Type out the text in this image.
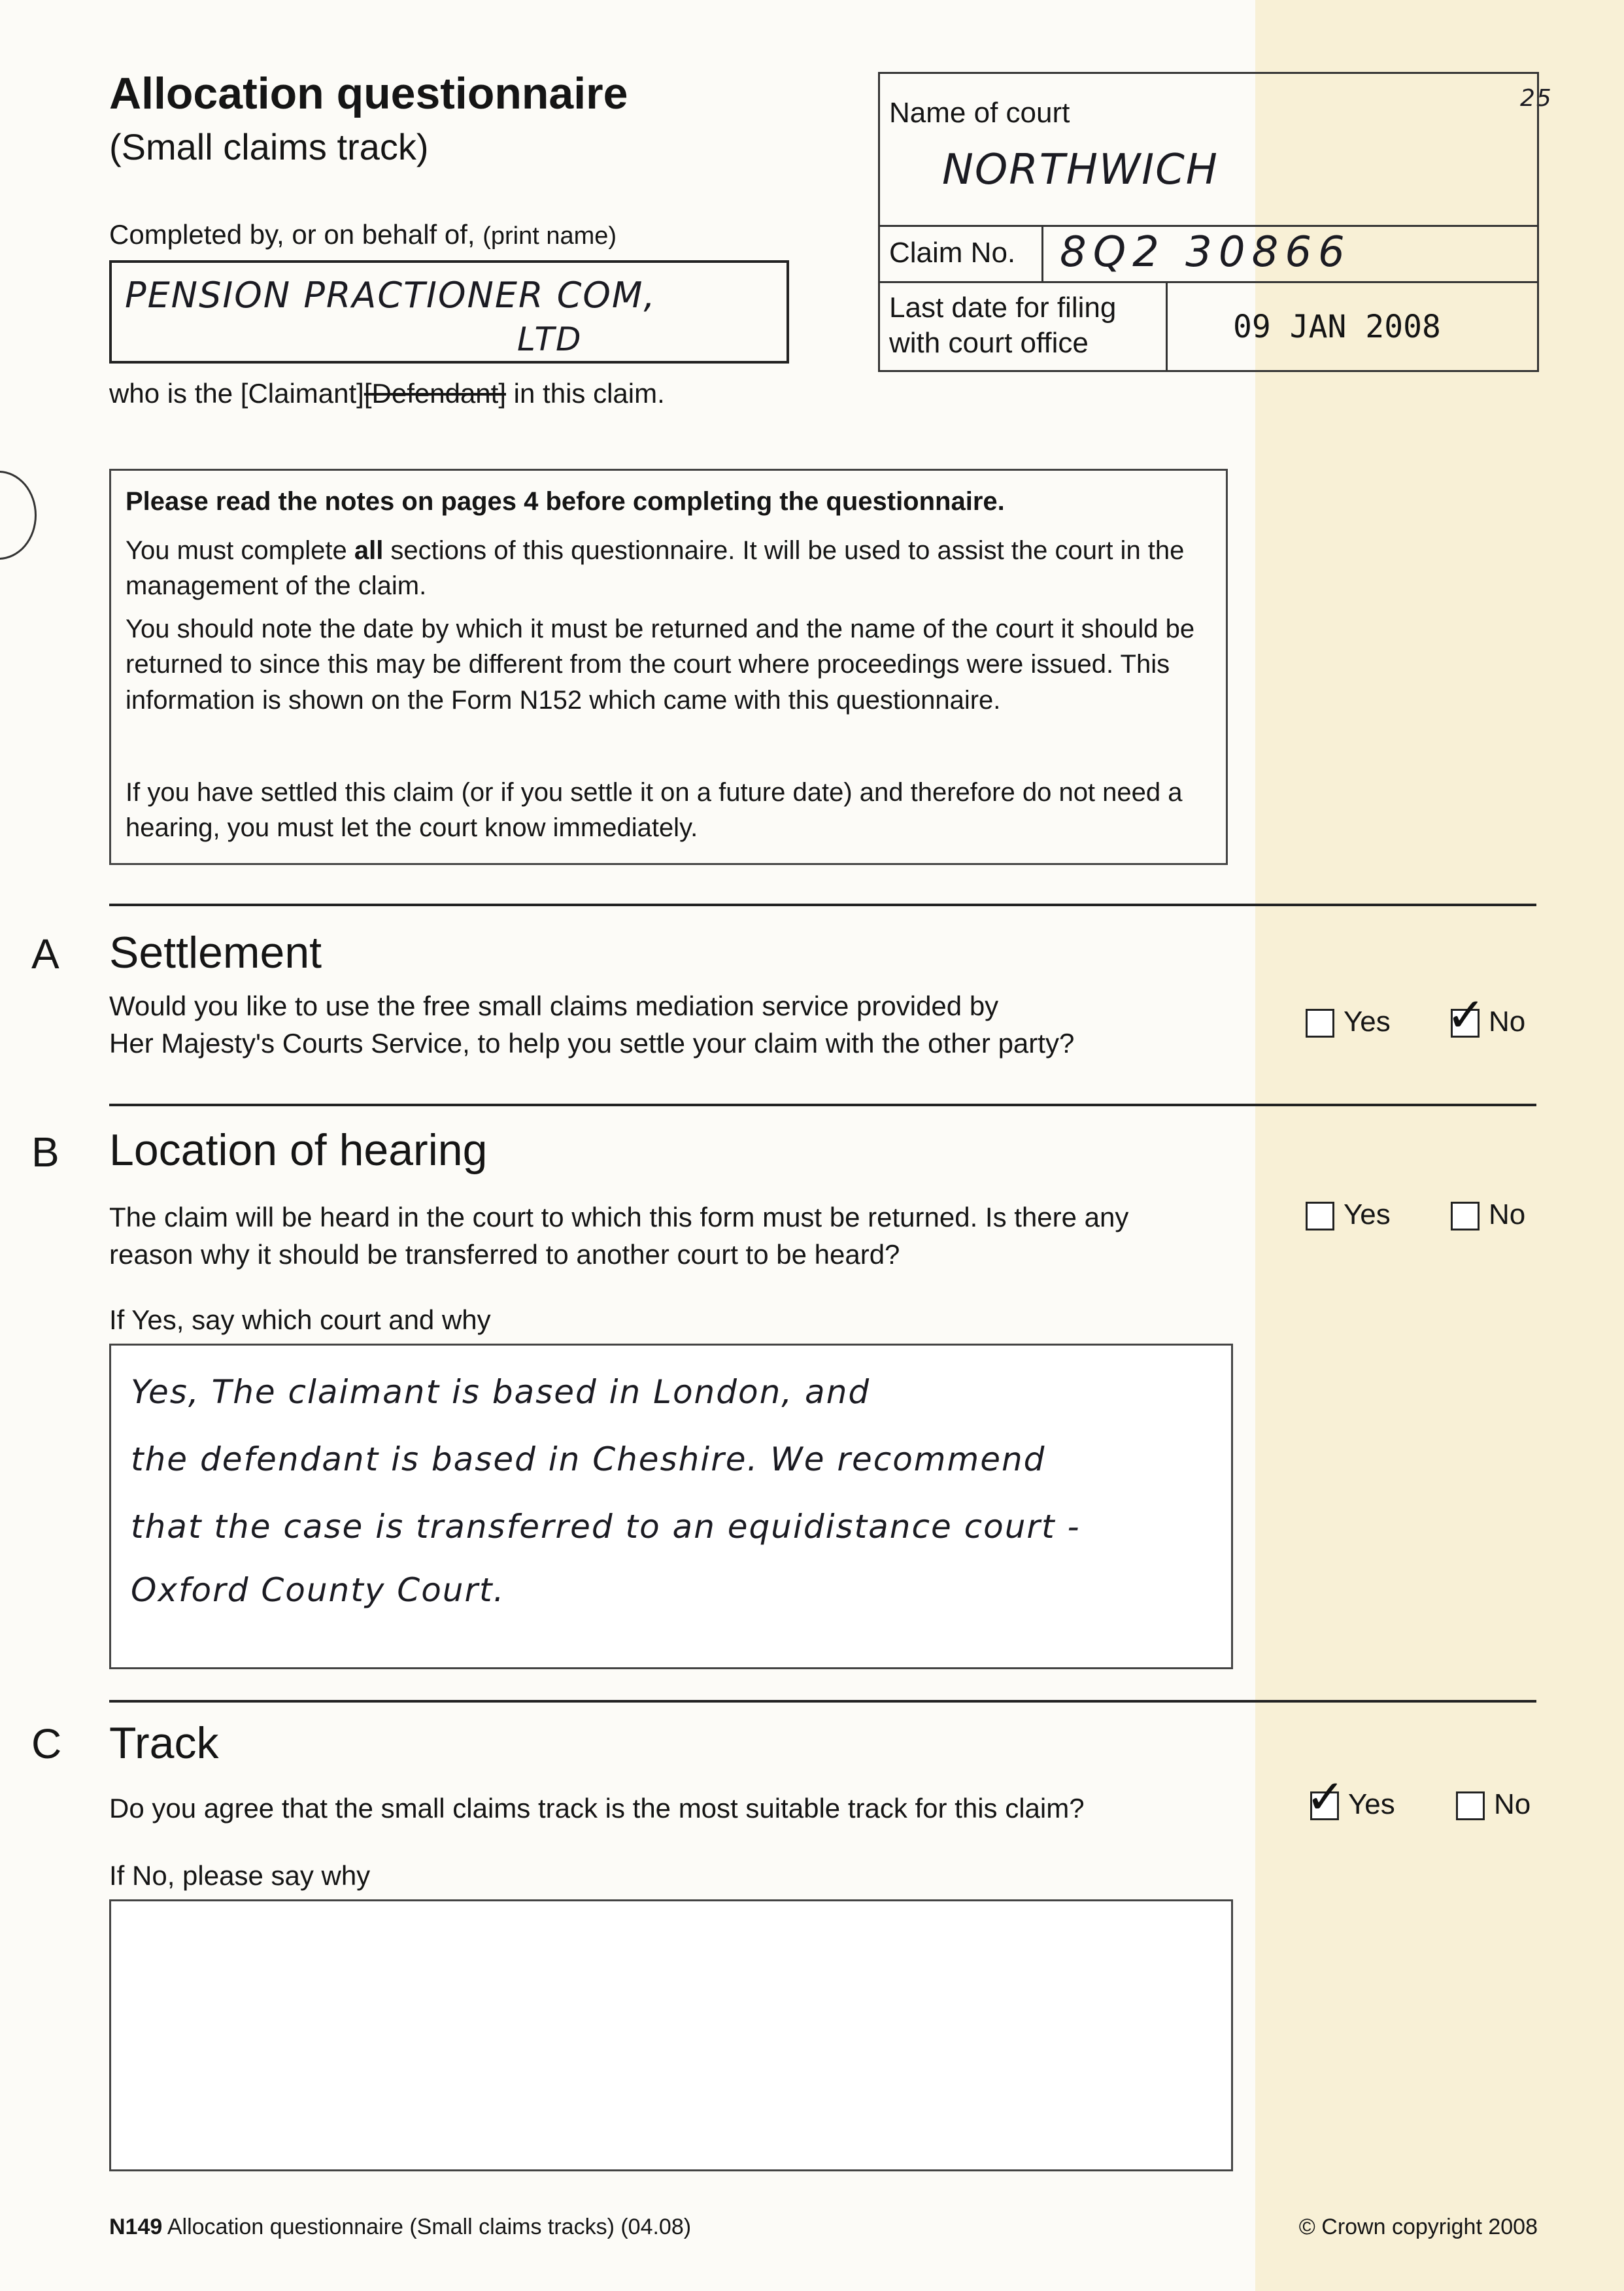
25
Allocation questionnaire
(Small claims track)
Completed by, or on behalf of, (print name)
PENSION PRACTIONER COM,
LTD
who is the [Claimant][Defendant] in this claim.
Name of court
NORTHWICH
Claim No. 8Q2 30866
Last date for filing
with court office	09 JAN 2008
Please read the notes on pages 4 before completing the questionnaire.
You must complete all sections of this questionnaire. It will be used to assist the court in the management of the claim.
You should note the date by which it must be returned and the name of the court it should be returned to since this may be different from the court where proceedings were issued. This information is shown on the Form N152 which came with this questionnaire.
If you have settled this claim (or if you settle it on a future date) and therefore do not need a hearing, you must let the court know immediately.
A Settlement
Would you like to use the free small claims mediation service provided by
Her Majesty's Courts Service, to help you settle your claim with the other party?
Yes ✓ No
B Location of hearing
The claim will be heard in the court to which this form must be returned. Is there any
reason why it should be transferred to another court to be heard?
Yes	No
If Yes, say which court and why
Yes, The claimant is based in London, and
the defendant is based in Cheshire. We recommend
that the case is transferred to an equidistance court -
Oxford County Court.
C Track
Do you agree that the small claims track is the most suitable track for this claim?	✓ Yes	No
If No, please say why
N149 Allocation questionnaire (Small claims tracks) (04.08)	© Crown copyright 2008
